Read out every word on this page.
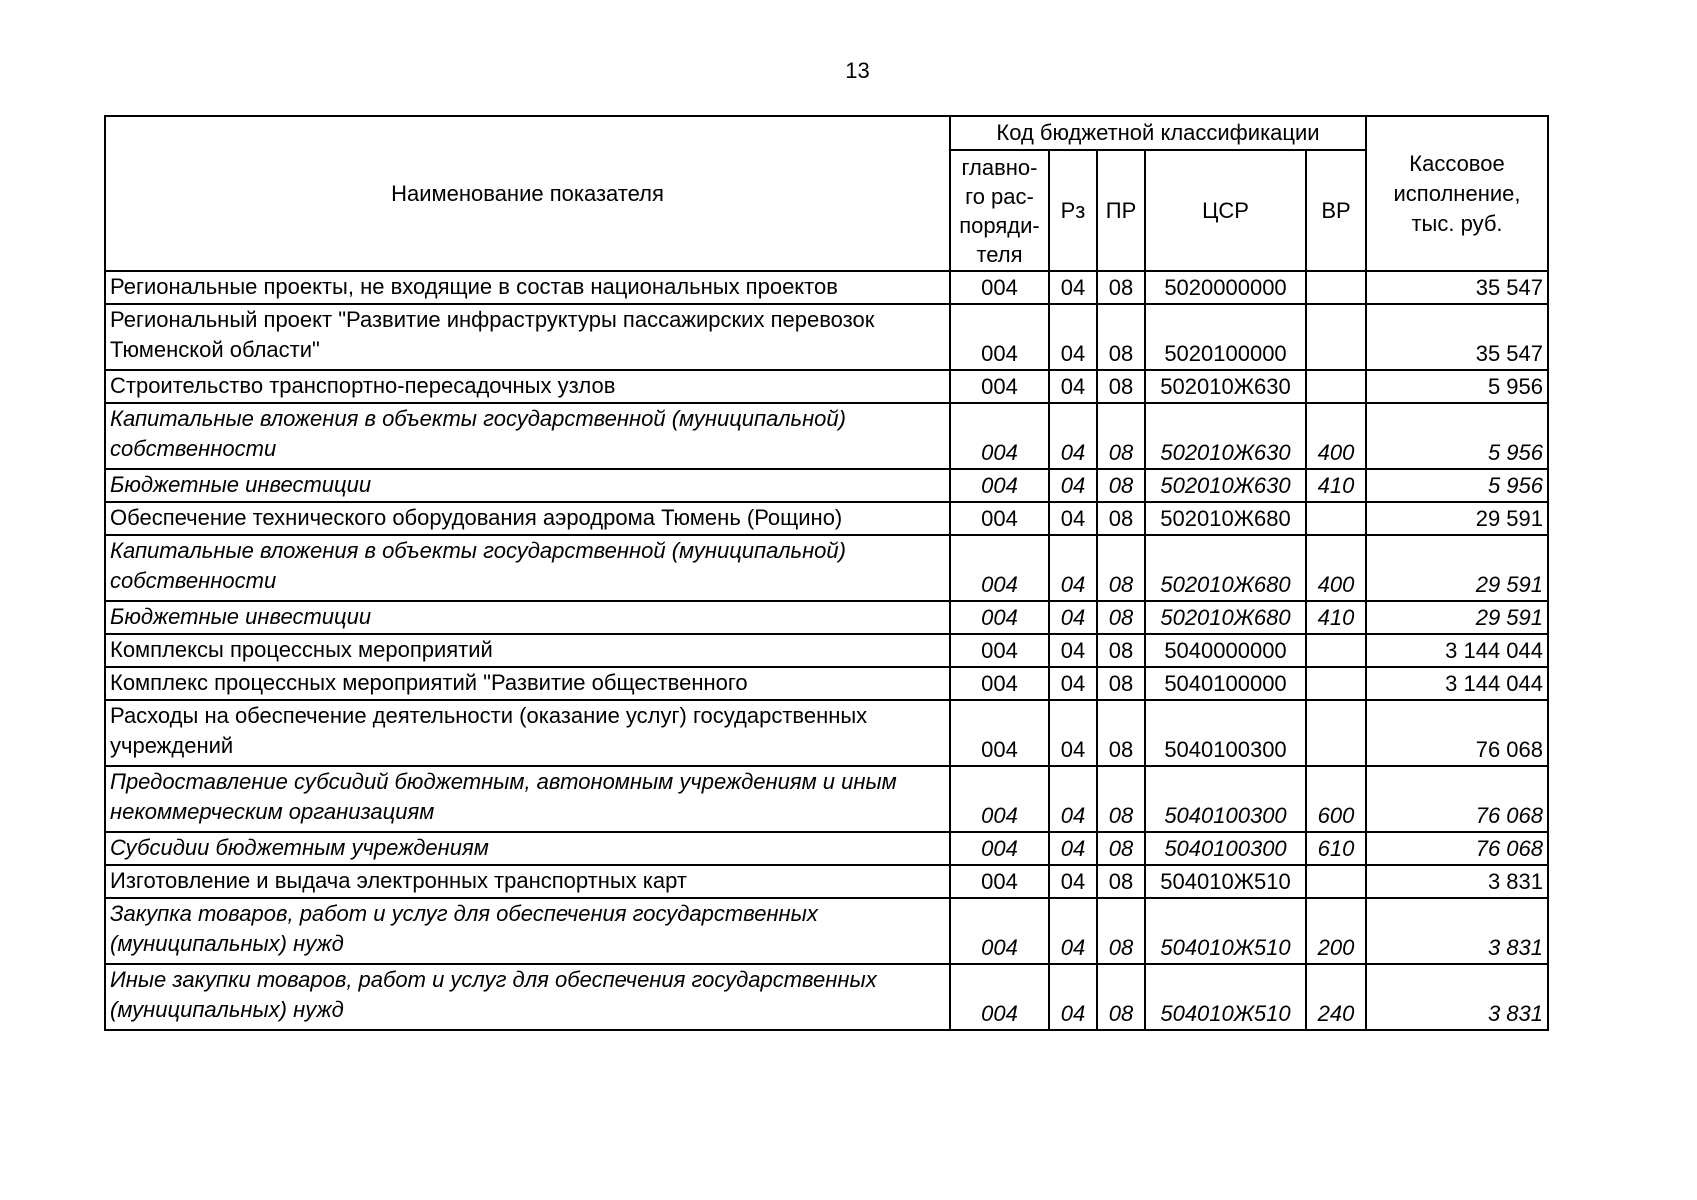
13
Наименование показателя	Код бюджетной классификации					Кассовое исполнение, тыс. руб.
	главно-
го рас-
поряди-
теля	Рз	ПР	ЦСР	ВР	
Региональные проекты, не входящие в состав национальных проектов	004	04	08	5020000000		35 547
Региональный проект "Развитие инфраструктуры пассажирских перевозок Тюменской области"	004	04	08	5020100000		35 547
Строительство транспортно-пересадочных узлов	004	04	08	502010Ж630		5 956
Капитальные вложения в объекты государственной (муниципальной) собственности	004	04	08	502010Ж630	400	5 956
Бюджетные инвестиции	004	04	08	502010Ж630	410	5 956
Обеспечение технического оборудования аэродрома Тюмень (Рощино)	004	04	08	502010Ж680		29 591
Капитальные вложения в объекты государственной (муниципальной) собственности	004	04	08	502010Ж680	400	29 591
Бюджетные инвестиции	004	04	08	502010Ж680	410	29 591
Комплексы процессных мероприятий	004	04	08	5040000000		3 144 044
Комплекс процессных мероприятий "Развитие общественного	004	04	08	5040100000		3 144 044
Расходы на обеспечение деятельности (оказание услуг) государственных учреждений	004	04	08	5040100300		76 068
Предоставление субсидий бюджетным, автономным учреждениям и иным некоммерческим организациям	004	04	08	5040100300	600	76 068
Субсидии бюджетным учреждениям	004	04	08	5040100300	610	76 068
Изготовление и выдача электронных транспортных карт	004	04	08	504010Ж510		3 831
Закупка товаров, работ и услуг для обеспечения государственных (муниципальных) нужд	004	04	08	504010Ж510	200	3 831
Иные закупки товаров, работ и услуг для обеспечения государственных (муниципальных) нужд	004	04	08	504010Ж510	240	3 831
